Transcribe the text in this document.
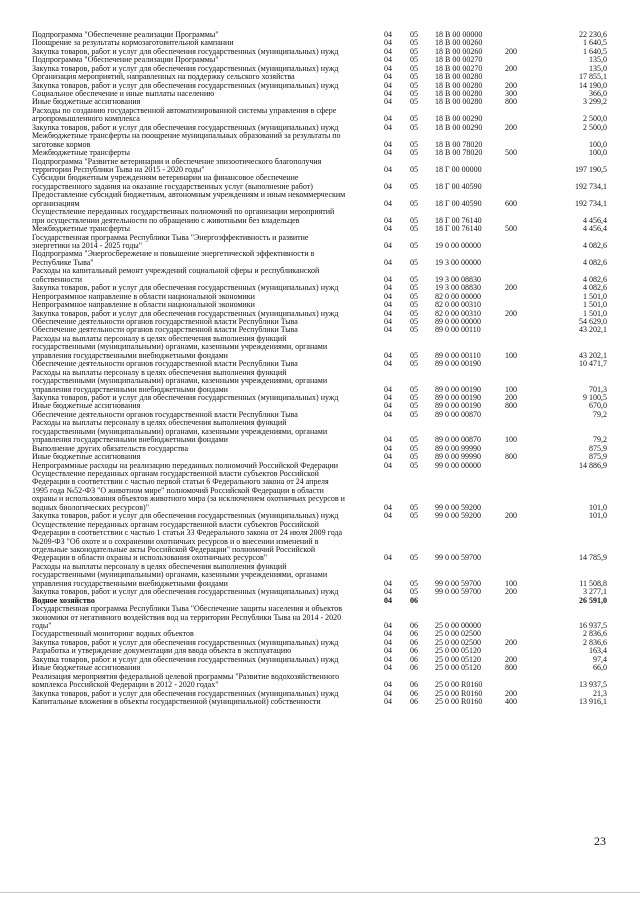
Подпрограмма "Обеспечение реализации Программы"	04	05	18 В 00 00000	22 230,6
Поощрение за результаты кормозаготовительной кампании	04	05	18 В 00 00260	1 640,5
Закупка товаров, работ и услуг для обеспечения государственных (муниципальных) нужд	04	05	18 В 00 00260	200	1 640,5
Подпрограмма "Обеспечение реализации Программы"	04	05	18 В 00 00270	135,0
Закупка товаров, работ и услуг для обеспечения государственных (муниципальных) нужд	04	05	18 В 00 00270	200	135,0
Организация мероприятий, направленных на поддержку сельского хозяйства	04	05	18 В 00 00280	17 855,1
Закупка товаров, работ и услуг для обеспечения государственных (муниципальных) нужд	04	05	18 В 00 00280	200	14 190,0
Социальное обеспечение и иные выплаты населению	04	05	18 В 00 00280	300	366,0
Иные бюджетные ассигнования	04	05	18 В 00 00280	800	3 299,2
Расходы по созданию государственной автоматизированной системы управления в сфере
агропромышленного комплекса	04	05	18 В 00 00290	2 500,0
Закупка товаров, работ и услуг для обеспечения государственных (муниципальных) нужд	04	05	18 В 00 00290	200	2 500,0
Межбюджетные трансферты на поощрение муниципальных образований за результаты по
заготовке кормов	04	05	18 В 00 78020	100,0
Межбюджетные трансферты	04	05	18 В 00 78020	500	100,0
Подпрограмма "Развитие ветеринарии и обеспечение эпизоотического благополучия
территории Республики Тыва на 2015 - 2020 годы"	04	05	18 Г 00 00000	197 190,5
Субсидии бюджетным учреждениям ветеринарии на финансовое обеспечение
государственного задания на оказание государственных услуг (выполнение работ)	04	05	18 Г 00 40590	192 734,1
Предоставление субсидий бюджетным, автономным учреждениям и иным некоммерческим
организациям	04	05	18 Г 00 40590	600	192 734,1
Осуществление переданных государственных полномочий по организации мероприятий
при осуществлении деятельности по обращению с животными без владельцев	04	05	18 Г 00 76140	4 456,4
Межбюджетные трансферты	04	05	18 Г 00 76140	500	4 456,4
Государственная программа Республики Тыва "Энергоэффективность и развитие
энергетики на 2014 - 2025 годы"	04	05	19 0 00 00000	4 082,6
Подпрограмма "Энергосбережение и повышение энергетической эффективности в
Республике Тыва"	04	05	19 3 00 00000	4 082,6
Расходы на капитальный ремонт учреждений социальной сферы и республиканской
собственности	04	05	19 3 00 08830	4 082,6
Закупка товаров, работ и услуг для обеспечения государственных (муниципальных) нужд	04	05	19 3 00 08830	200	4 082,6
Непрограммное направление в области национальной экономики	04	05	82 0 00 00000	1 501,0
Непрограммное направление в области национальной экономики	04	05	82 0 00 00310	1 501,0
Закупка товаров, работ и услуг для обеспечения государственных (муниципальных) нужд	04	05	82 0 00 00310	200	1 501,0
Обеспечение деятельности органов государственной власти Республики Тыва	04	05	89 0 00 00000	54 629,0
Обеспечение деятельности органов государственной власти Республики Тыва	04	05	89 0 00 00110	43 202,1
Расходы на выплаты персоналу в целях обеспечения выполнения функций
государственными (муниципальными) органами, казенными учреждениями, органами
управления государственными внебюджетными фондами	04	05	89 0 00 00110	100	43 202,1
Обеспечение деятельности органов государственной власти Республики Тыва	04	05	89 0 00 00190	10 471,7
Расходы на выплаты персоналу в целях обеспечения выполнения функций
государственными (муниципальными) органами, казенными учреждениями, органами
управления государственными внебюджетными фондами	04	05	89 0 00 00190	100	701,3
Закупка товаров, работ и услуг для обеспечения государственных (муниципальных) нужд	04	05	89 0 00 00190	200	9 100,5
Иные бюджетные ассигнования	04	05	89 0 00 00190	800	670,0
Обеспечение деятельности органов государственной власти Республики Тыва	04	05	89 0 00 00870	79,2
Расходы на выплаты персоналу в целях обеспечения выполнения функций
государственными (муниципальными) органами, казенными учреждениями, органами
управления государственными внебюджетными фондами	04	05	89 0 00 00870	100	79,2
Выполнение других обязательств государства	04	05	89 0 00 99990	875,9
Иные бюджетные ассигнования	04	05	89 0 00 99990	800	875,9
Непрограммные расходы на реализацию переданных полномочий Российской Федерации	04	05	99 0 00 00000	14 886,9
Осуществление переданных органам государственной власти субъектов Российской
Федерации в соответствии с частью первой статьи 6 Федерального закона от 24 апреля
1995 года №52-ФЗ "О животном мире" полномочий Российской Федерации в области
охраны и использования объектов животного мира (за исключением охотничьих ресурсов и
водных биологических ресурсов)"	04	05	99 0 00 59200	101,0
Закупка товаров, работ и услуг для обеспечения государственных (муниципальных) нужд	04	05	99 0 00 59200	200	101,0
Осуществление переданных органам государственной власти субъектов Российской
Федерации в соответствии с частью 1 статьи 33 Федерального закона от 24 июля 2009 года
№209-ФЗ "Об охоте и о сохранении охотничьих ресурсов и о внесении изменений в
отдельные законодательные акты Российской Федерации" полномочий Российской
Федерации в области охраны и использования охотничьих ресурсов"	04	05	99 0 00 59700	14 785,9
Расходы на выплаты персоналу в целях обеспечения выполнения функций
государственными (муниципальными) органами, казенными учреждениями, органами
управления государственными внебюджетными фондами	04	05	99 0 00 59700	100	11 508,8
Закупка товаров, работ и услуг для обеспечения государственных (муниципальных) нужд	04	05	99 0 00 59700	200	3 277,1
Водное хозяйство	04	06	26 591,0
Государственная программа Республики Тыва "Обеспечение защиты населения и объектов
экономики от негативного воздействия вод на территории Республики Тыва на 2014 - 2020
годы"	04	06	25 0 00 00000	16 937,5
Государственный мониторинг водных объектов	04	06	25 0 00 02500	2 836,6
Закупка товаров, работ и услуг для обеспечения государственных (муниципальных) нужд	04	06	25 0 00 02500	200	2 836,6
Разработка и утверждение документации для ввода объекта в эксплуатацию	04	06	25 0 00 05120	163,4
Закупка товаров, работ и услуг для обеспечения государственных (муниципальных) нужд	04	06	25 0 00 05120	200	97,4
Иные бюджетные ассигнования	04	06	25 0 00 05120	800	66,0
Реализация мероприятия федеральной целевой программы "Развитие водохозяйственного
комплекса Российской Федерации в 2012 - 2020 годах"	04	06	25 0 00 R0160	13 937,5
Закупка товаров, работ и услуг для обеспечения государственных (муниципальных) нужд	04	06	25 0 00 R0160	200	21,3
Капитальные вложения в объекты государственной (муниципальной) собственности	04	06	25 0 00 R0160	400	13 916,1
23
